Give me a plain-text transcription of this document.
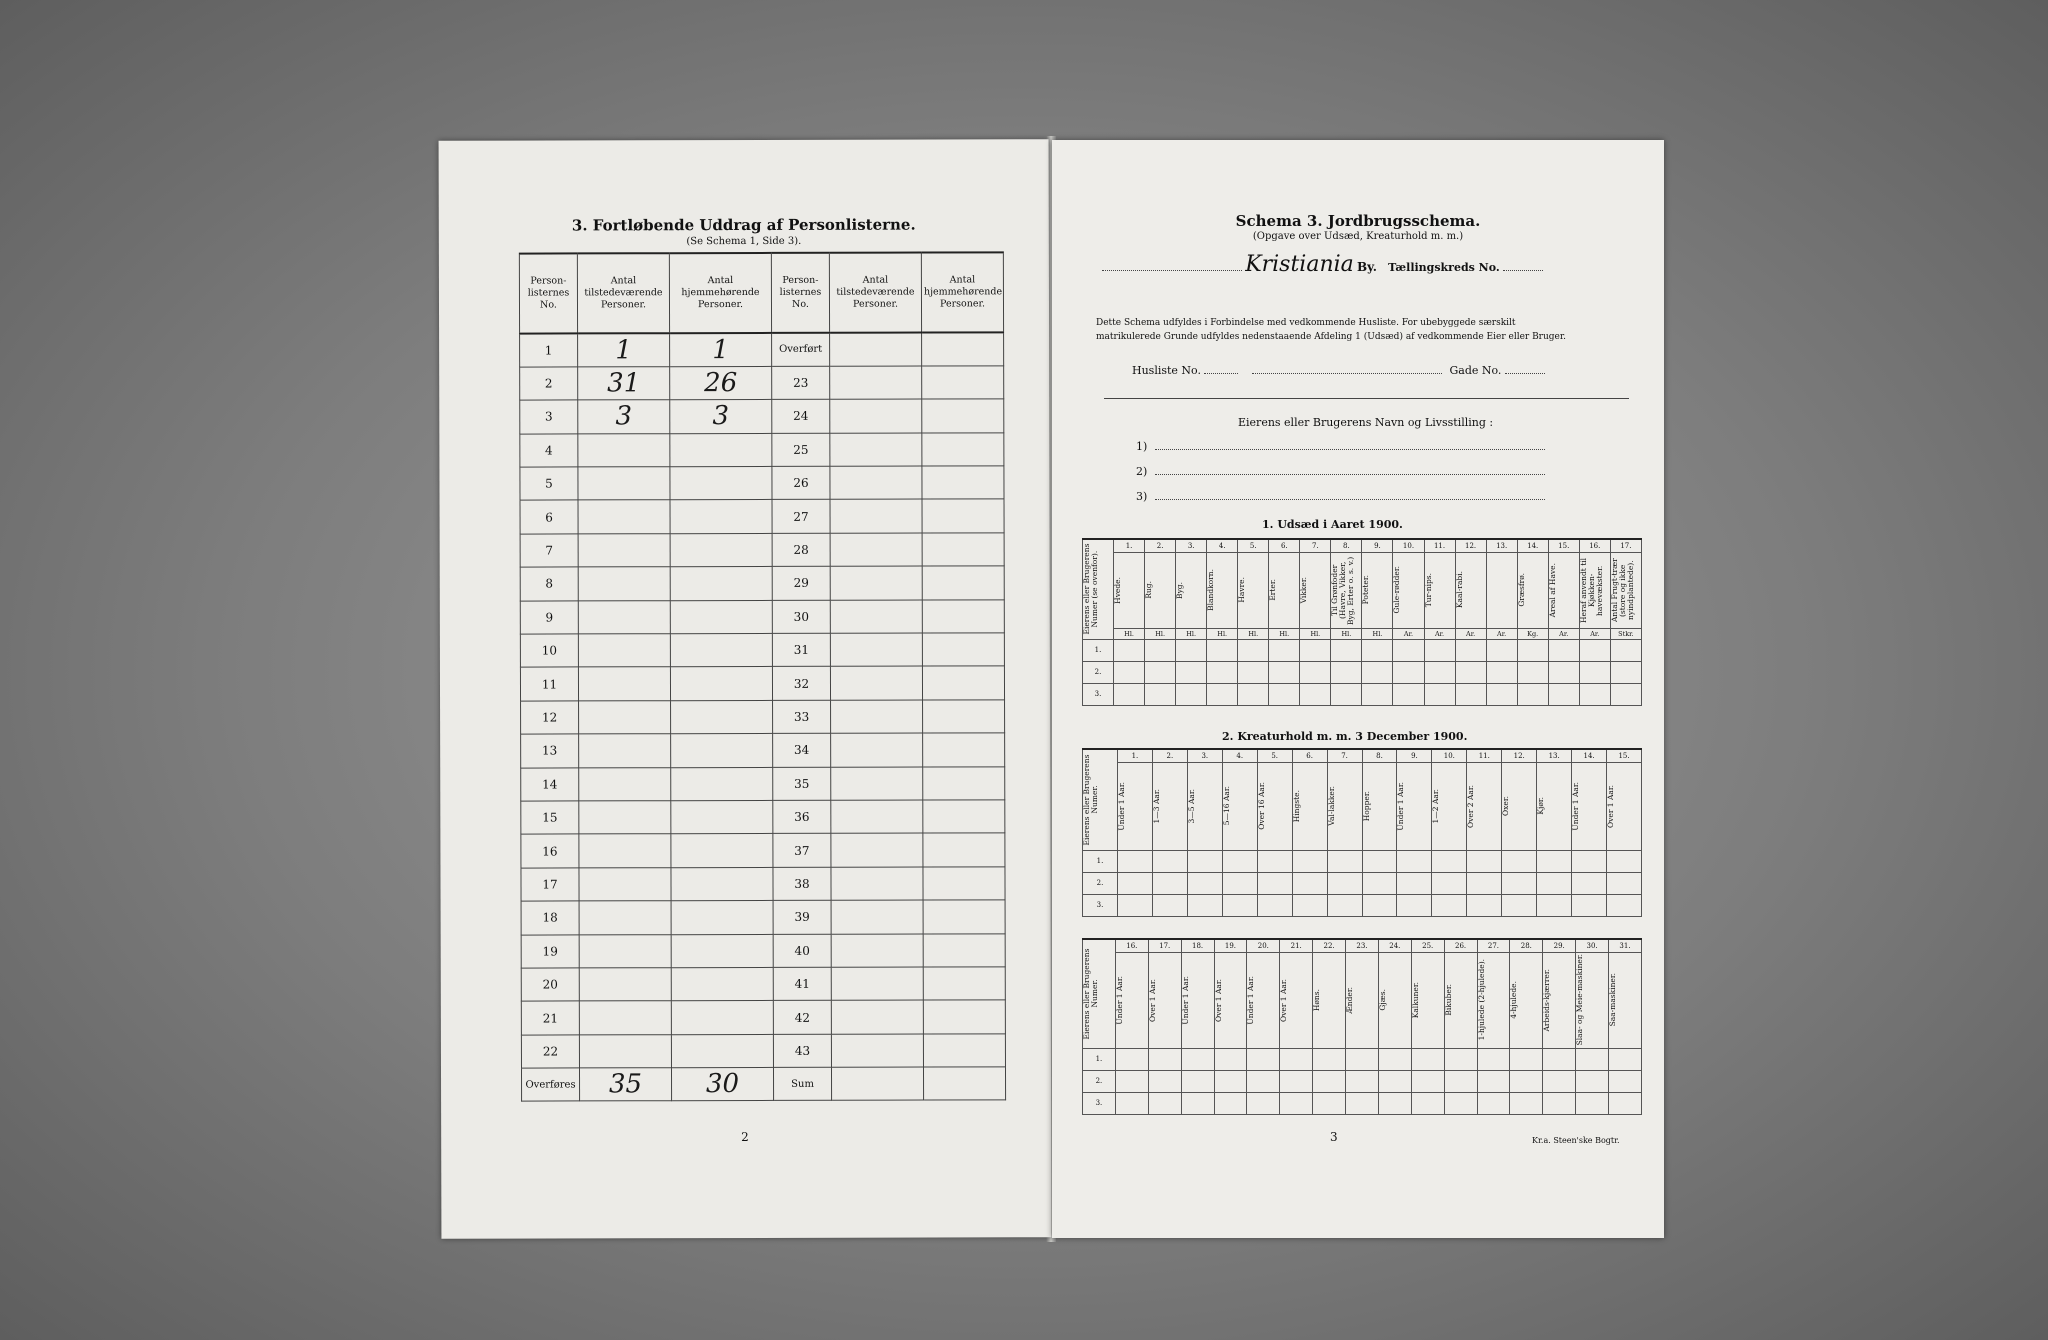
3. Fortløbende Uddrag af Personlisterne.
(Se Schema 1, Side 3).
Person-listernes No.	Antal tilstedeværende Personer.	Antal hjemmehørende Personer.	Person-listernes No.	Antal tilstedeværende Personer.	Antal hjemmehørende Personer.
1	1	1	Overført		
2	31	26	23		
3	3	3	24		
4			25		
5			26		
6			27		
7			28		
8			29		
9			30		
10			31		
11			32		
12			33		
13			34		
14			35		
15			36		
16			37		
17			38		
18			39		
19			40		
20			41		
21			42		
22			43		
Overføres	35	30	Sum		
2
Schema 3. Jordbrugsschema.
(Opgave over Udsæd, Kreaturhold m. m.)
Kristiania By. Tællingskreds No.
Dette Schema udfyldes i Forbindelse med vedkommende Husliste. For ubebyggede særskilt
matrikulerede Grunde udfyldes nedenstaaende Afdeling 1 (Udsæd) af vedkommende Eier eller Bruger.
Husliste No.	Gade No.
Eierens eller Brugerens Navn og Livsstilling :
1)
2)
3)
1. Udsæd i Aaret 1900.
Eierens eller Brugerens Numer (se ovenfor).	1.	2.	3.	4.	5.	6.	7.	8.	9.	10.	11.	12.	13.	14.	15.	16.	17.

	Hvede.	Rug.	Byg.	Blandkorn.	Havre.	Erter.	Vikker.	Til Grønfoder (Havre, Vikker, Byg, Erter o. s. v.)	Poteter.	Gule-rødder.	Tur-nips.	Kaal-rabi.		Græsfrø.	Areal af Have.	Heraf anvendt til Kjøkken-havevækster.	Antal Frugt-trær (store og ikke nyindplantede).

	Hl.	Hl.	Hl.	Hl.	Hl.	Hl.	Hl.	Hl.	Hl.	Ar.	Ar.	Ar.	Ar.	Kg.	Ar.	Ar.	Stkr.
1.																	
2.																	
3.																	
2. Kreaturhold m. m. 3 December 1900.
Eierens eller Brugerens Numer.	1.	2.	3.	4.	5.	6.	7.	8.	9.	10.	11.	12.	13.	14.	15.

	Under 1 Aar.	1—3 Aar.	3—5 Aar.	5—16 Aar.	Over 16 Aar.	Hingste.	Val-lakker.	Hopper.	Under 1 Aar.	1—2 Aar.	Over 2 Aar.	Oxer.	Kjør.	Under 1 Aar.	Over 1 Aar.

1.															
2.															
3.															
Eierens eller Brugerens Numer.	16.	17.	18.	19.	20.	21.	22.	23.	24.	25.	26.	27.	28.	29.	30.	31.

	Under 1 Aar.	Over 1 Aar.	Under 1 Aar.	Over 1 Aar.	Under 1 Aar.	Over 1 Aar.	Høns.	Ænder.	Gjæs.	Kalkuner.	Bikuber.	1-hjulede (2-hjulede).	4-hjulede.	Arbeids-kjærrer.	Slaa- og Meie-maskiner.	Saa-maskiner.

1.																
2.																
3.																
3	Kr.a. Steen'ske Bogtr.
